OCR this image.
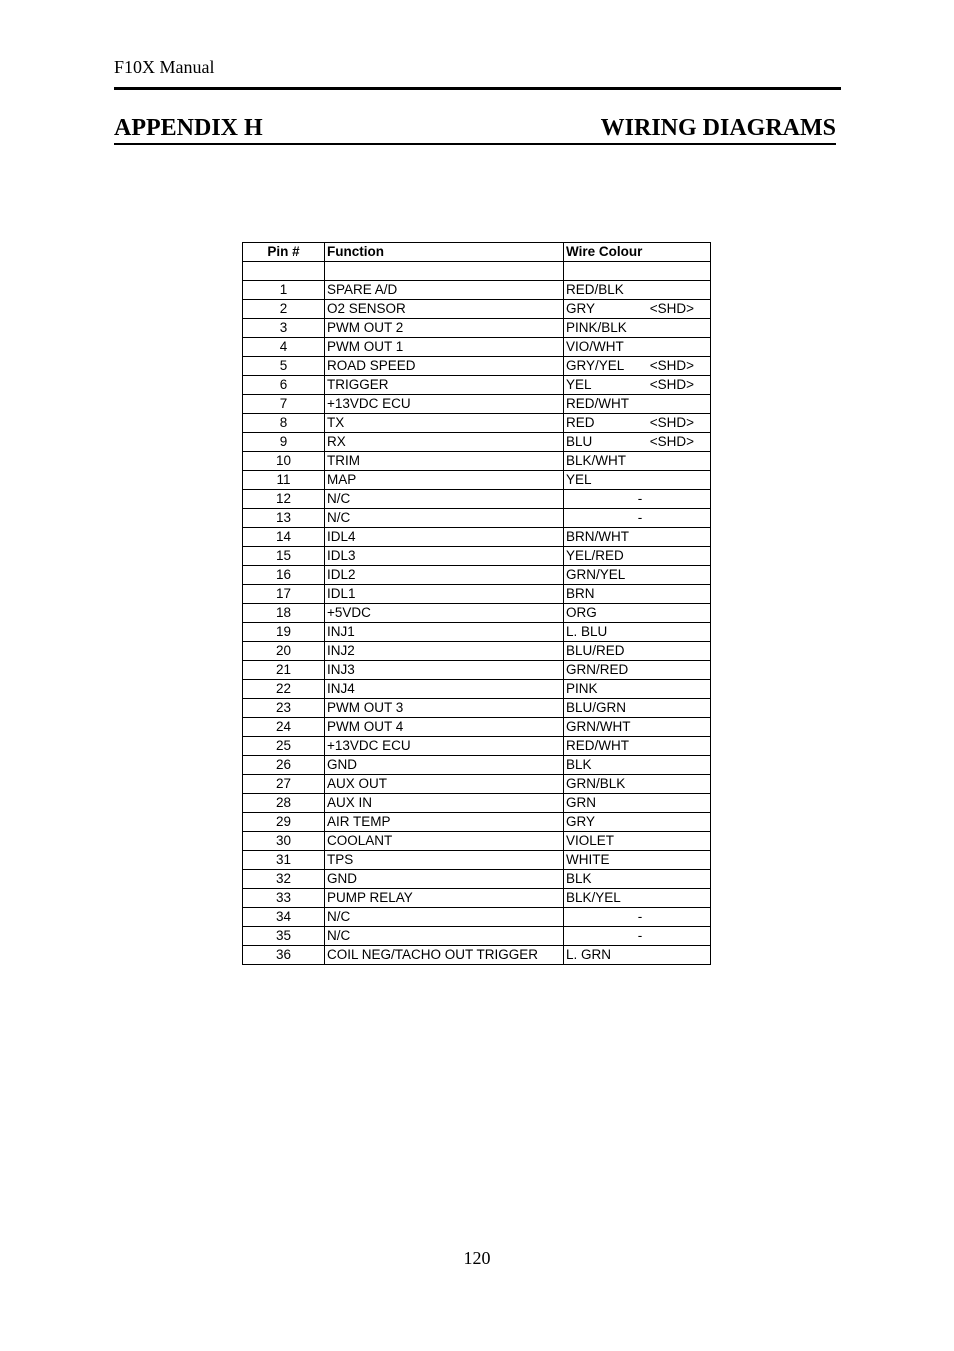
F10X Manual
APPENDIX H	WIRING DIAGRAMS
Pin #	Function	Wire Colour

1	SPARE A/D	RED/BLK
2	O2 SENSOR	GRY <SHD>

3	PWM OUT 2	PINK/BLK
4	PWM OUT 1	VIO/WHT
5	ROAD SPEED	GRY/YEL <SHD>

6	TRIGGER	YEL <SHD>

7	+13VDC ECU	RED/WHT
8	TX	RED <SHD>

9	RX	BLU <SHD>

10	TRIM	BLK/WHT
11	MAP	YEL
12	N/C	-

13	N/C	-

14	IDL4	BRN/WHT
15	IDL3	YEL/RED
16	IDL2	GRN/YEL
17	IDL1	BRN
18	+5VDC	ORG
19	INJ1	L. BLU
20	INJ2	BLU/RED
21	INJ3	GRN/RED
22	INJ4	PINK
23	PWM OUT 3	BLU/GRN
24	PWM OUT 4	GRN/WHT
25	+13VDC ECU	RED/WHT
26	GND	BLK
27	AUX OUT	GRN/BLK
28	AUX IN	GRN
29	AIR TEMP	GRY
30	COOLANT	VIOLET
31	TPS	WHITE
32	GND	BLK
33	PUMP RELAY	BLK/YEL
34	N/C	-

35	N/C	-

36	COIL NEG/TACHO OUT TRIGGER	L. GRN
120
